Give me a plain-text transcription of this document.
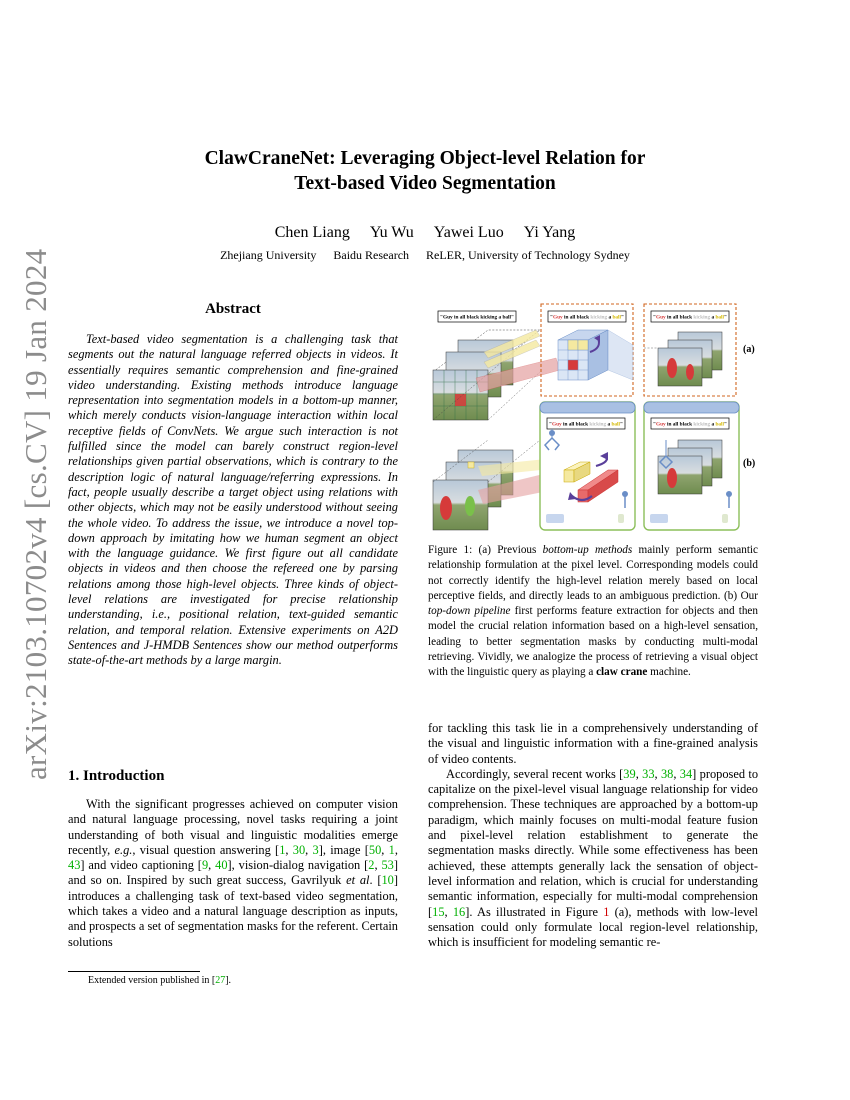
arXiv:2103.10702v4 [cs.CV] 19 Jan 2024
ClawCraneNet: Leveraging Object-level Relation for
Text-based Video Segmentation
Chen Liang Yu Wu Yawei Luo Yi Yang
Zhejiang University Baidu Research ReLER, University of Technology Sydney
Abstract
Text-based video segmentation is a challenging task that segments out the natural language referred objects in videos. It essentially requires semantic comprehension and fine-grained video understanding. Existing methods introduce language representation into segmentation models in a bottom-up manner, which merely conducts vision-language interaction within local receptive fields of ConvNets. We argue such interaction is not fulfilled since the model can barely construct region-level relationships given partial observations, which is contrary to the description logic of natural language/referring expressions. In fact, people usually describe a target object using relations with other objects, which may not be easily understood without seeing the whole video. To address the issue, we introduce a novel top-down approach by imitating how we human segment an object with the language guidance. We first figure out all candidate objects in videos and then choose the refereed one by parsing relations among those high-level objects. Three kinds of object-level relations are investigated for precise relationship understanding, i.e., positional relation, text-guided semantic relation, and temporal relation. Extensive experiments on A2D Sentences and J-HMDB Sentences show our method outperforms state-of-the-art methods by a large margin.
1. Introduction
With the significant progresses achieved on computer vision and natural language processing, novel tasks requiring a joint understanding of both visual and linguistic modalities emerge recently, e.g., visual question answering [1, 30, 3], image [50, 1, 43] and video captioning [9, 40], vision-dialog navigation [2, 53] and so on. Inspired by such great success, Gavrilyuk et al. [10] introduces a challenging task of text-based video segmentation, which takes a video and a natural language description as inputs, and prospects a set of segmentation masks for the referent. Certain solutions
Extended version published in [27].
"Guy in all black kicking a ball"	"Guy in all black kicking a ball"	"Guy in all black kicking a ball"
(a)
"Guy in all black kicking a ball"	"Guy in all black kicking a ball"
(b)
Figure 1: (a) Previous bottom-up methods mainly perform semantic relationship formulation at the pixel level. Corresponding models could not correctly identify the high-level relation merely based on local perceptive fields, and directly leads to an ambiguous prediction. (b) Our top-down pipeline first performs feature extraction for objects and then model the crucial relation information based on a high-level sensation, leading to better segmentation masks by conducting multi-modal retrieving. Vividly, we analogize the process of retrieving a visual object with the linguistic query as playing a claw crane machine.

for tackling this task lie in a comprehensively understanding of the visual and linguistic information with a fine-grained analysis of video contents.

Accordingly, several recent works [39, 33, 38, 34] proposed to capitalize on the pixel-level visual language relationship for video comprehension. These techniques are approached by a bottom-up paradigm, which mainly focuses on multi-modal feature fusion and pixel-level relation establishment to generate the segmentation masks directly. While some effectiveness has been achieved, these attempts generally lack the sensation of object-level information and relation, which is crucial for understanding semantic information, especially for multi-modal comprehension [15, 16]. As illustrated in Figure 1 (a), methods with low-level sensation could only formulate local region-level relationship, which is insufficient for modeling semantic re-
